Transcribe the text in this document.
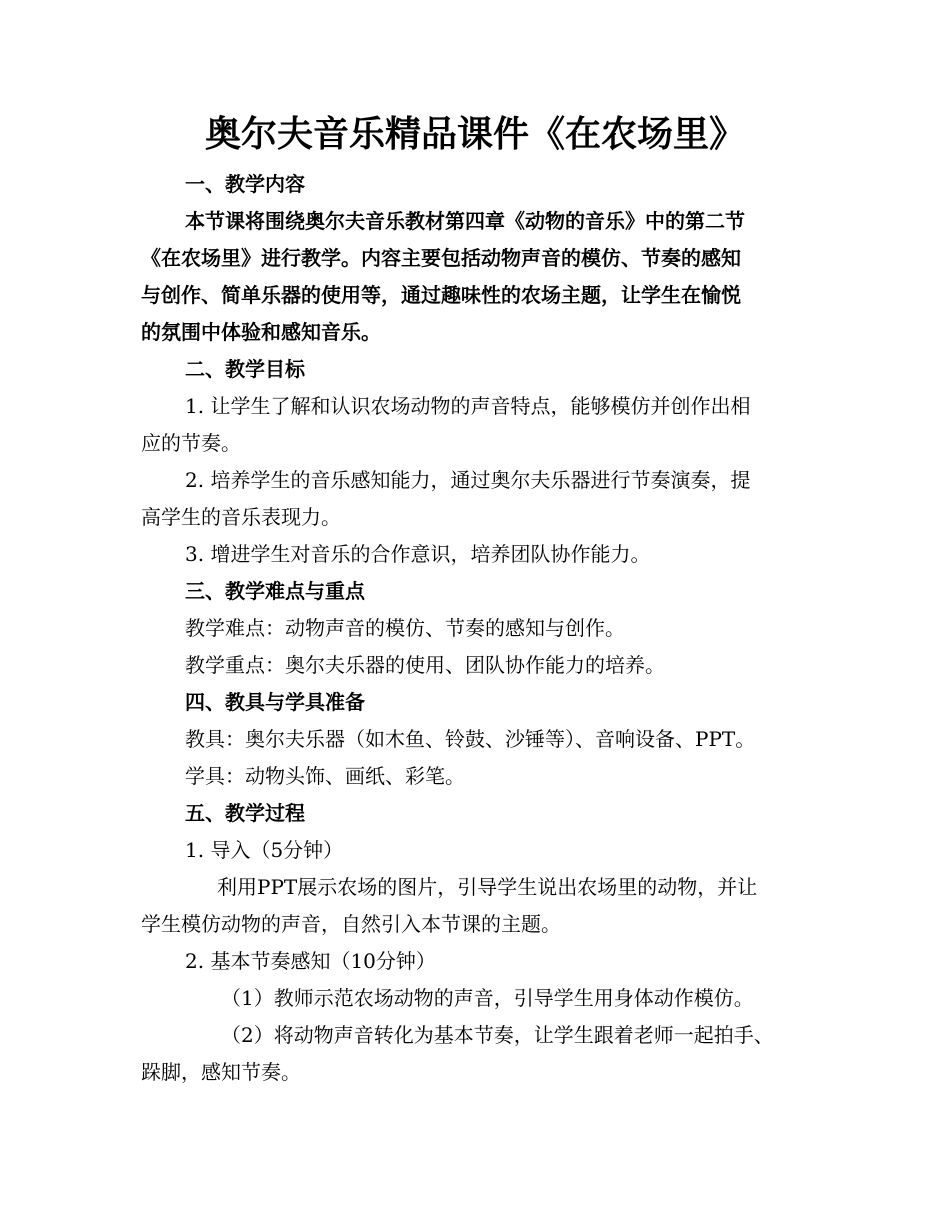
奥尔夫音乐精品课件《在农场里》

一、教学内容

本节课将围绕奥尔夫音乐教材第四章《动物的音乐》中的第二节

《在农场里》进行教学。内容主要包括动物声音的模仿、节奏的感知

与创作、简单乐器的使用等，通过趣味性的农场主题，让学生在愉悦

的氛围中体验和感知音乐。

二、教学目标

1. 让学生了解和认识农场动物的声音特点，能够模仿并创作出相

应的节奏。

2. 培养学生的音乐感知能力，通过奥尔夫乐器进行节奏演奏，提

高学生的音乐表现力。

3. 增进学生对音乐的合作意识，培养团队协作能力。

三、教学难点与重点

教学难点：动物声音的模仿、节奏的感知与创作。

教学重点：奥尔夫乐器的使用、团队协作能力的培养。

四、教具与学具准备

教具：奥尔夫乐器（如木鱼、铃鼓、沙锤等）、音响设备、PPT。

学具：动物头饰、画纸、彩笔。

五、教学过程

1. 导入（5分钟）

利用PPT展示农场的图片，引导学生说出农场里的动物，并让

学生模仿动物的声音，自然引入本节课的主题。

2. 基本节奏感知（10分钟）

（1）教师示范农场动物的声音，引导学生用身体动作模仿。

（2）将动物声音转化为基本节奏，让学生跟着老师一起拍手、

跺脚，感知节奏。
